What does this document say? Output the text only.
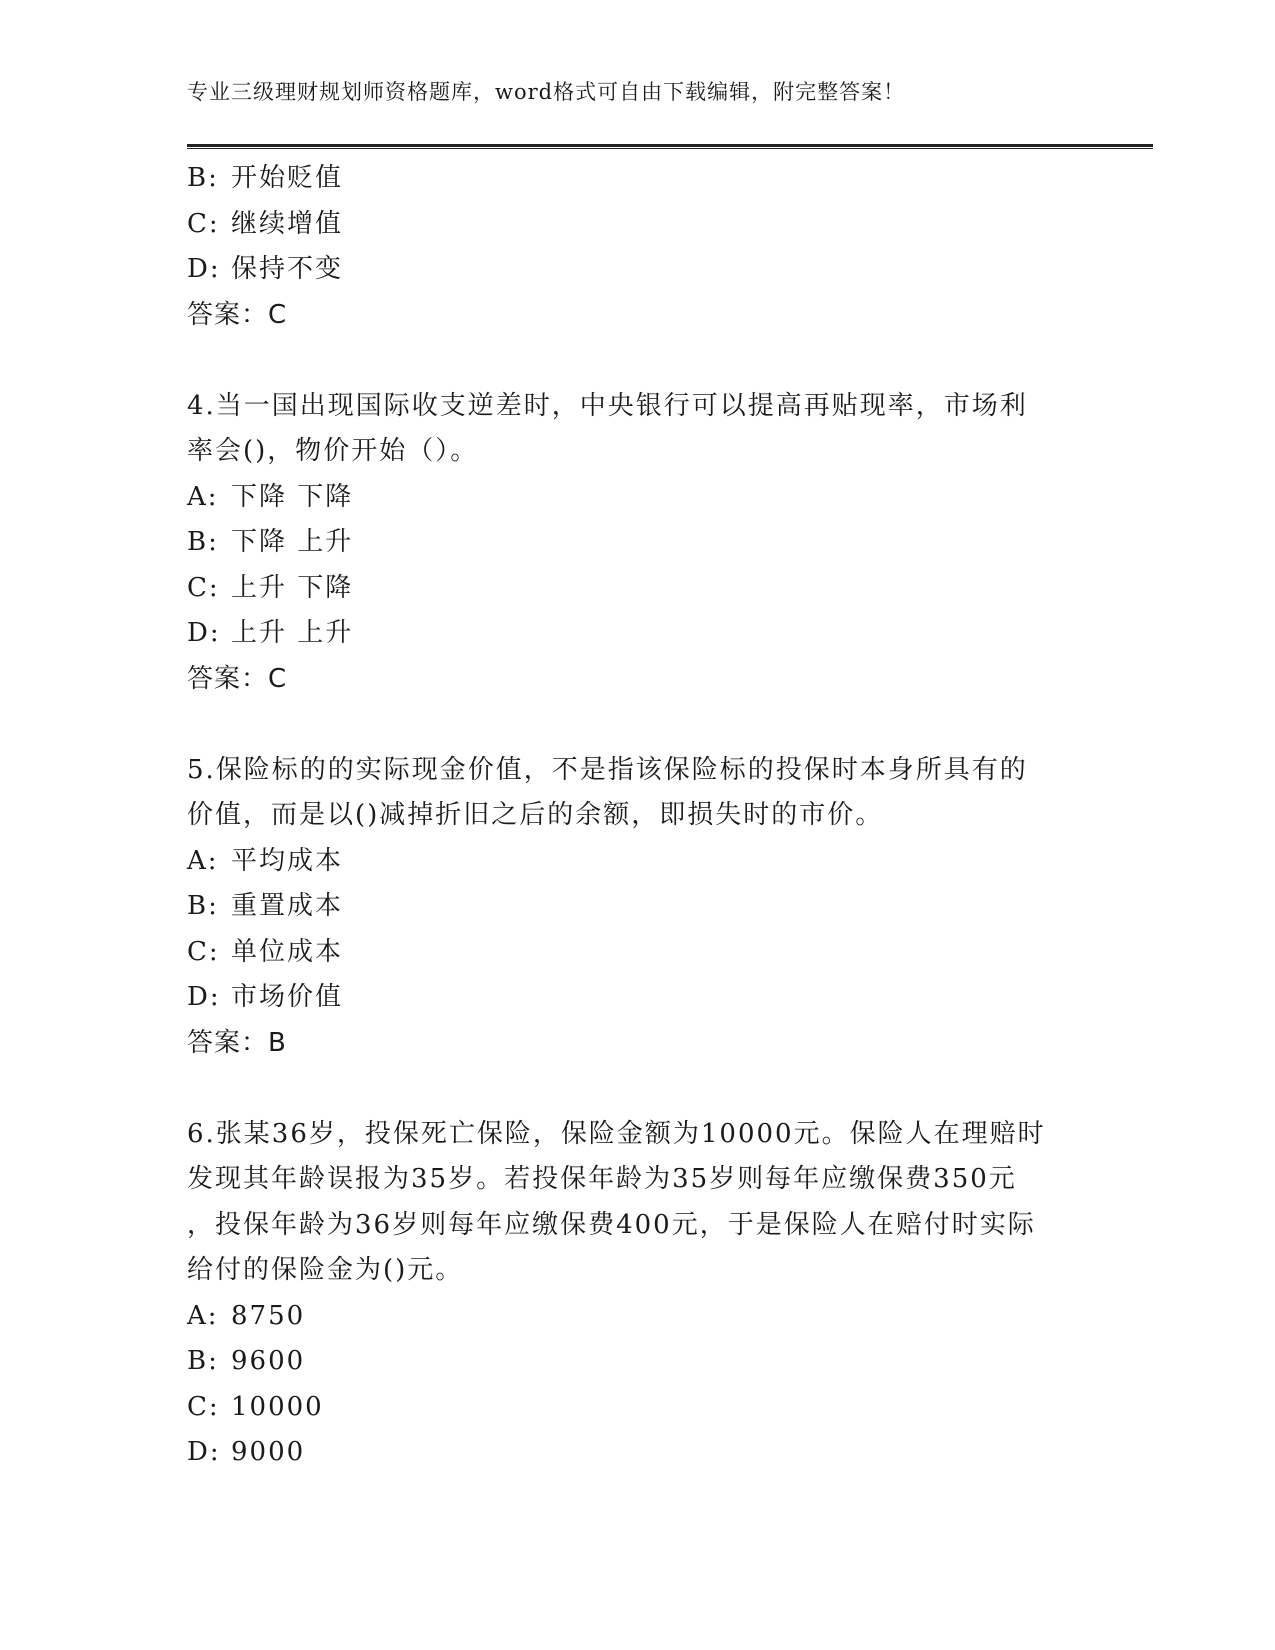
专业三级理财规划师资格题库，word格式可自由下载编辑，附完整答案！
B: 开始贬值
C: 继续增值
D: 保持不变
答案：C
4.当一国出现国际收支逆差时，中央银行可以提高再贴现率，市场利
率会()，物价开始（）。
A: 下降 下降
B: 下降 上升
C: 上升 下降
D: 上升 上升
答案：C
5.保险标的的实际现金价值，不是指该保险标的投保时本身所具有的
价值，而是以()减掉折旧之后的余额，即损失时的市价。
A: 平均成本
B: 重置成本
C: 单位成本
D: 市场价值
答案：B
6.张某36岁，投保死亡保险，保险金额为10000元。保险人在理赔时
发现其年龄误报为35岁。若投保年龄为35岁则每年应缴保费350元
，投保年龄为36岁则每年应缴保费400元，于是保险人在赔付时实际
给付的保险金为()元。
A: 8750
B: 9600
C: 10000
D: 9000
